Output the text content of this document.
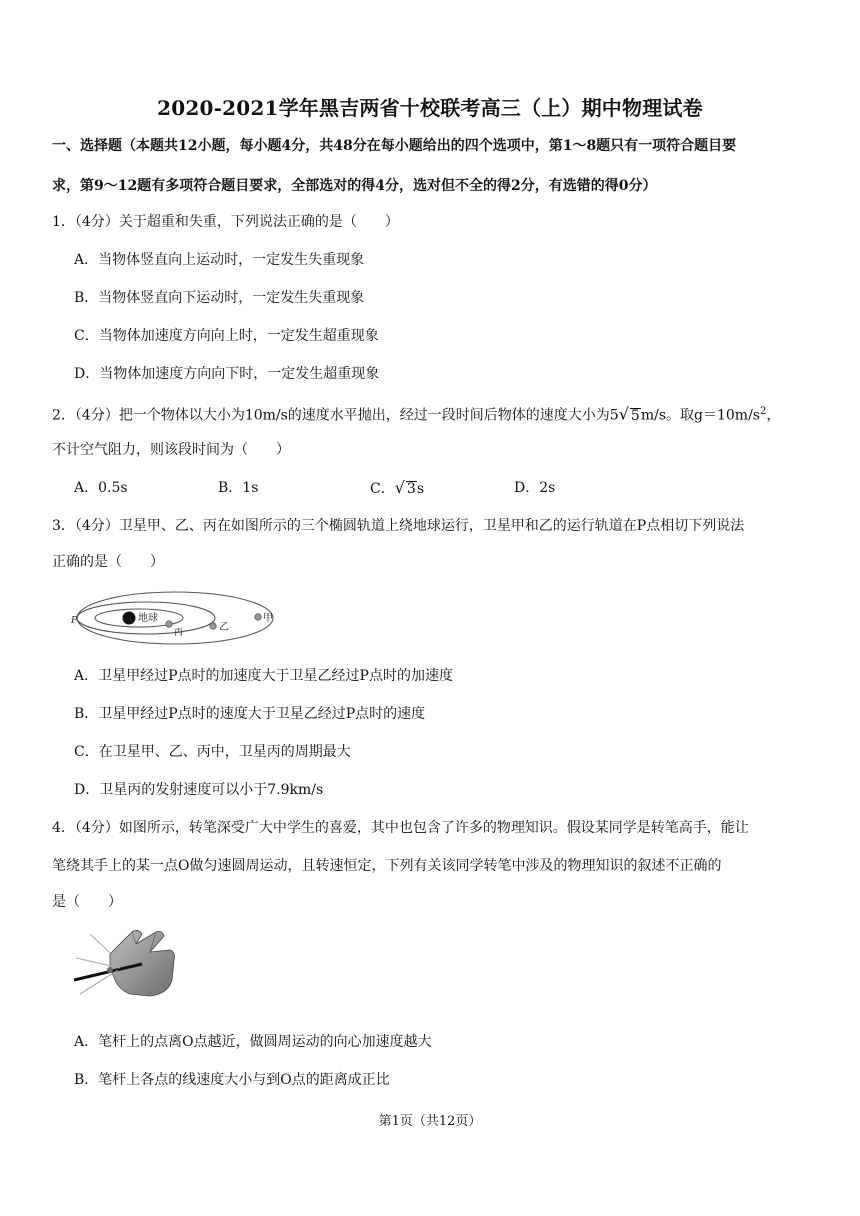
2020-2021学年黑吉两省十校联考高三（上）期中物理试卷
一、选择题（本题共12小题，每小题4分，共48分在每小题给出的四个选项中，第1～8题只有一项符合题目要
求，第9～12题有多项符合题目要求，全部选对的得4分，选对但不全的得2分，有选错的得0分）
1．（4分）关于超重和失重，下列说法正确的是（　　）
A．当物体竖直向上运动时，一定发生失重现象
B．当物体竖直向下运动时，一定发生失重现象
C．当物体加速度方向向上时，一定发生超重现象
D．当物体加速度方向向下时，一定发生超重现象
2．（4分）把一个物体以大小为10m/s的速度水平抛出，经过一段时间后物体的速度大小为5√ 5m/s。取$g=10m/s^2$，
不计空气阻力，则该段时间为（　　）
A．0.5s	B．1s	C．√ 3s	D．2s
3．（4分）卫星甲、乙、丙在如图所示的三个椭圆轨道上绕地球运行，卫星甲和乙的运行轨道在P点相切下列说法
正确的是（　　）
P	地球
丙	乙
甲
A．卫星甲经过P点时的加速度大于卫星乙经过P点时的加速度
B．卫星甲经过P点时的速度大于卫星乙经过P点时的速度
C．在卫星甲、乙、丙中，卫星丙的周期最大
D．卫星丙的发射速度可以小于7.9km/s
4．（4分）如图所示，转笔深受广大中学生的喜爱，其中也包含了许多的物理知识。假设某同学是转笔高手，能让
笔绕其手上的某一点O做匀速圆周运动，且转速恒定，下列有关该同学转笔中涉及的物理知识的叙述不正确的
是（　　）
A．笔杆上的点离O点越近，做圆周运动的向心加速度越大
B．笔杆上各点的线速度大小与到O点的距离成正比
第1页（共12页）
